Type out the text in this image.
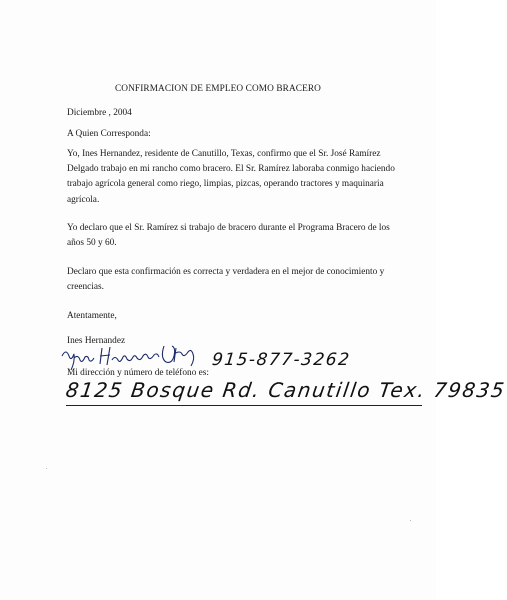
CONFIRMACION DE EMPLEO COMO BRACERO
Diciembre , 2004
A Quien Corresponda:
Yo, Ines Hernandez, residente de Canutillo, Texas, confirmo que el Sr. José Ramírez
Delgado trabajo en mi rancho como bracero. El Sr. Ramírez laboraba conmigo haciendo
trabajo agrícola general como riego, limpias, pizcas, operando tractores y maquinaria
agrícola.
Yo declaro que el Sr. Ramírez si trabajo de bracero durante el Programa Bracero de los
años 50 y 60.
Declaro que esta confirmación es correcta y verdadera en el mejor de conocimiento y
creencias.
Atentamente,
Ines Hernandez
Mi dirección y número de teléfono es:
915-877-3262
8125 Bosque Rd. Canutillo Tex. 79835
